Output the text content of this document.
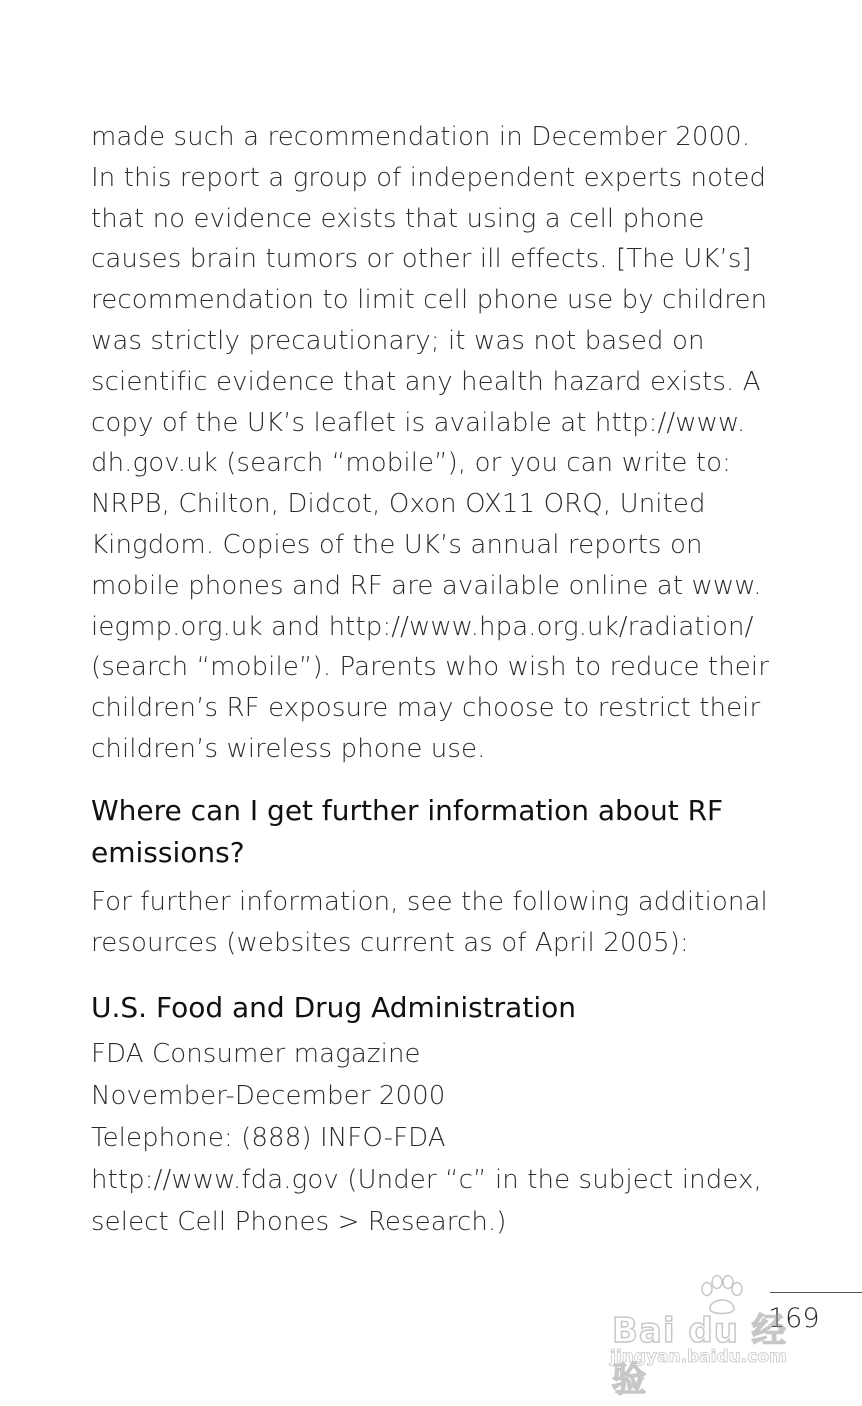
made such a recommendation in December 2000.
In this report a group of independent experts noted
that no evidence exists that using a cell phone
causes brain tumors or other ill effects. [The UK’s]
recommendation to limit cell phone use by children
was strictly precautionary; it was not based on
scientific evidence that any health hazard exists. A
copy of the UK’s leaflet is available at http://www.
dh.gov.uk (search “mobile”), or you can write to:
NRPB, Chilton, Didcot, Oxon OX11 ORQ, United
Kingdom. Copies of the UK’s annual reports on
mobile phones and RF are available online at www.
iegmp.org.uk and http://www.hpa.org.uk/radiation/
(search “mobile”). Parents who wish to reduce their
children’s RF exposure may choose to restrict their
children’s wireless phone use.

Where can I get further information about RF
emissions?

For further information, see the following additional
resources (websites current as of April 2005):

U.S. Food and Drug Administration

FDA Consumer magazine
November-December 2000
Telephone: (888) INFO-FDA
http://www.fda.gov (Under “c” in the subject index,
select Cell Phones > Research.)

169
Bai du 经验
jingyan.baidu.com
